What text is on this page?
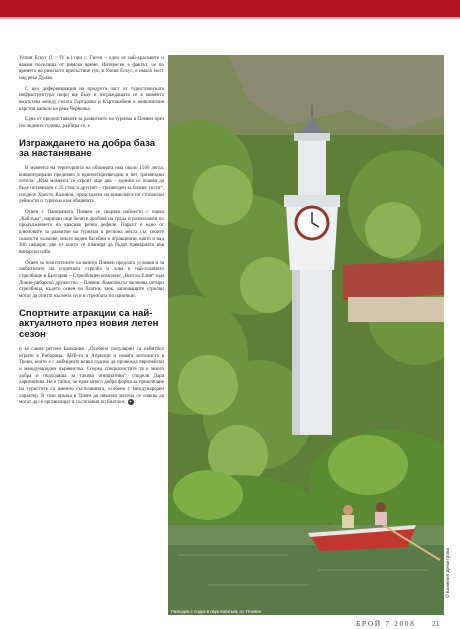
Улпия Ескус (I – IV в.) при с. Гиген – едно от най-красивите и важни поселища от римско време. Интересен е фактът, че по времето на римското присъствие тук, в Улпия Ескус, е имало мост над река Дунав.

С цел диференциация на продукта част от туристическата инфраструктура скоро ще бъде и изграждащата се в момента екопътека между селата Горталово и Къртожабене в живописния карстов каньон на река Чернелка.

Една от предпоставките за развитието на туризма в Плевен през последните години, разбира се, е

Изграждането на добра база за настаняване

В момента на територията на общината има около 1500 легла, концентрирани предимно в единчетиризвездни и пет тризвездни хотела. „Към момента се строят още два – единия се очаква да бъде петзвезден с 25 стаи, а другият – тризвезден за бизнес гости“, споделя Христо Каленов, председател на комисията по стопански дейности и туризъм към общината.

Освен с Панорамата Плевен се свързва найчесто с парка „Кайлъка“, наричан още белите дробове на града и разположен по продължението на красиво речно дефиле. Паркът е едно от ключовите за развитие на туризъм в региона места със своите скалисти хълмове, много водни басейни и атракциони, както и над 300 пещери, две от които се планира да бъдат превърнати във винарски изби.

Освен за почитателите на виното Плевен предлага условия и за любителите на спортната стрелба и лова в най-голямото стрелбище в България – Стрелбищен комплекс „Витска Елия“ към Ловно-рибарско дружество – Плевен. Комплексът включва четири стрелбища, където освен по блатни, заек, започващите стрелци могат да опитат късмета си и в стрелбата по паничкиг.

Спортните атракции са най-актуалното през новия летен сезон

и за сания регион Балкания. „Особено популярни са пейнтбол игрите в Рибарица. АВВ-та в Априлци и новата мотописта в Троян, които е с амбициите всяка година да провежда европейски и международни първенства. Според специалистите тя е много добра и подходяща за такива инициативи“, споделя Дара Заричинова. Не е тайна, че една много добра форма за привличане на туристите са именно състезанията, особено с международен характер. В тази връзка в Троян до няколко месеца се очаква да могат да се организират и състезания по биатлон. ✦

Разходка с лодка в парк Кайлъка, гр. Плевен
© Камелия Димитрова
БРОЙ 7 2008 21
